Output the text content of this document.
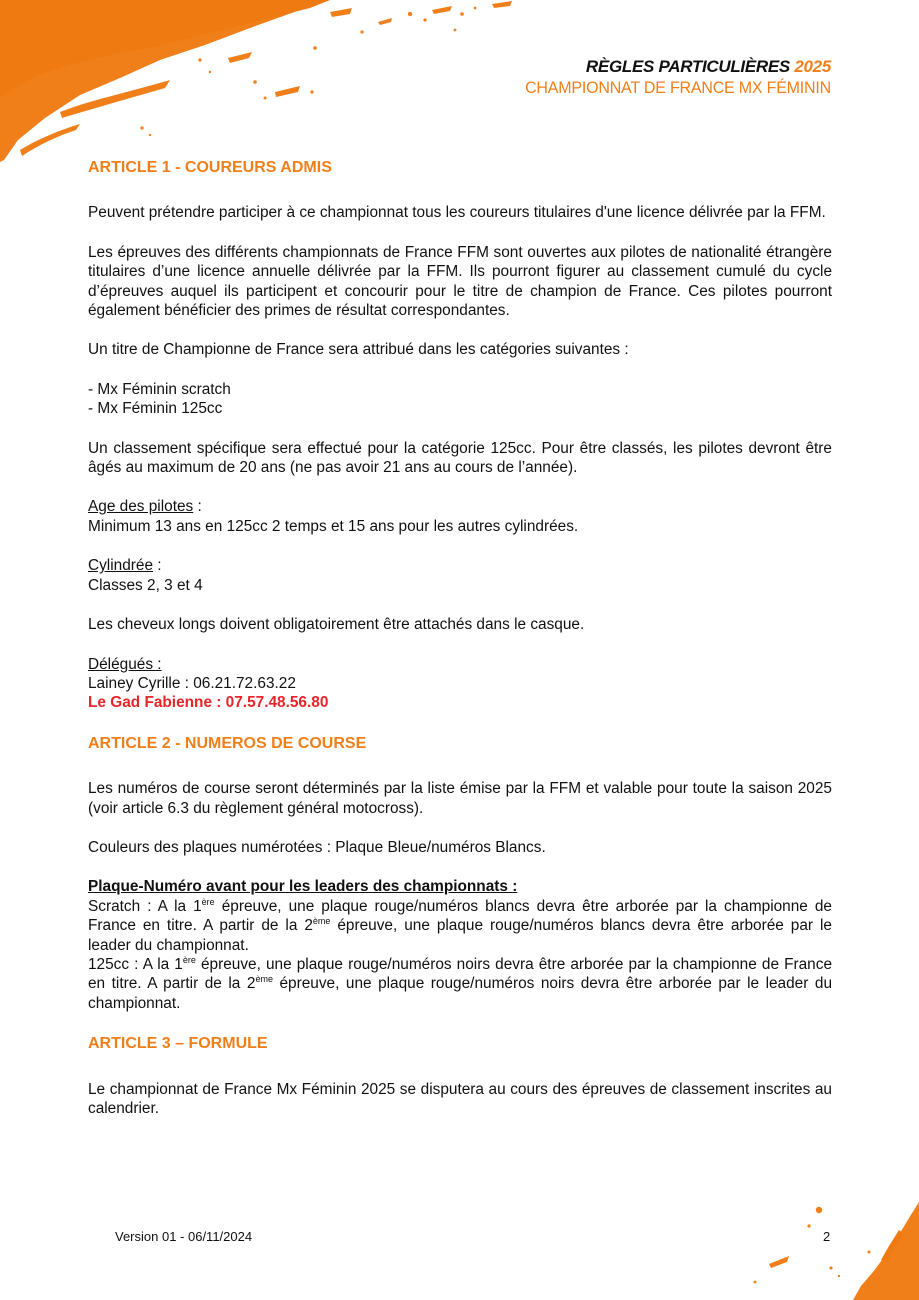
RÈGLES PARTICULIÈRES 2025
CHAMPIONNAT DE FRANCE MX FÉMININ
ARTICLE 1 - COUREURS ADMIS

Peuvent prétendre participer à ce championnat tous les coureurs titulaires d'une licence délivrée par la FFM.

Les épreuves des différents championnats de France FFM sont ouvertes aux pilotes de nationalité étrangère titulaires d’une licence annuelle délivrée par la FFM. Ils pourront figurer au classement cumulé du cycle d’épreuves auquel ils participent et concourir pour le titre de champion de France. Ces pilotes pourront également bénéficier des primes de résultat correspondantes.

Un titre de Championne de France sera attribué dans les catégories suivantes :

- Mx Féminin scratch

- Mx Féminin 125cc

Un classement spécifique sera effectué pour la catégorie 125cc. Pour être classés, les pilotes devront être âgés au maximum de 20 ans (ne pas avoir 21 ans au cours de l’année).

Age des pilotes :

Minimum 13 ans en 125cc 2 temps et 15 ans pour les autres cylindrées.

Cylindrée :

Classes 2, 3 et 4

Les cheveux longs doivent obligatoirement être attachés dans le casque.

Délégués :

Lainey Cyrille : 06.21.72.63.22

Le Gad Fabienne : 07.57.48.56.80

ARTICLE 2 - NUMEROS DE COURSE

Les numéros de course seront déterminés par la liste émise par la FFM et valable pour toute la saison 2025 (voir article 6.3 du règlement général motocross).

Couleurs des plaques numérotées : Plaque Bleue/numéros Blancs.

Plaque-Numéro avant pour les leaders des championnats :

Scratch : A la 1ère épreuve, une plaque rouge/numéros blancs devra être arborée par la championne de France en titre. A partir de la 2ème épreuve, une plaque rouge/numéros blancs devra être arborée par le leader du championnat.

125cc : A la 1ère épreuve, une plaque rouge/numéros noirs devra être arborée par la championne de France en titre. A partir de la 2ème épreuve, une plaque rouge/numéros noirs devra être arborée par le leader du championnat.

ARTICLE 3 – FORMULE

Le championnat de France Mx Féminin 2025 se disputera au cours des épreuves de classement inscrites au calendrier.

Version 01 - 06/11/2024	2
